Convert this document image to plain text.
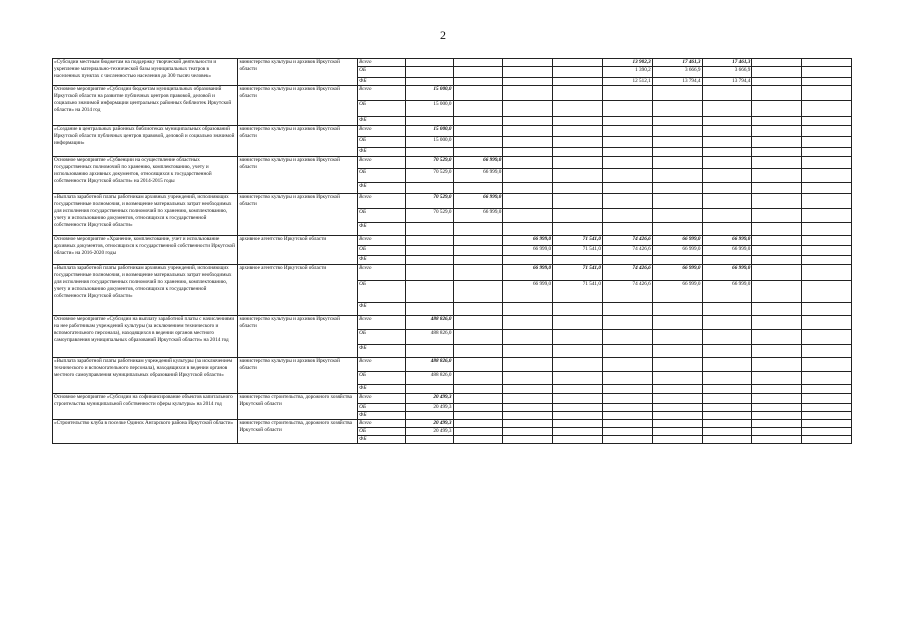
2
«Субсидии местным бюджетам на поддержку творческой деятельности и укрепление материально-технической базы муниципальных театров в населенных пунктах с численностью населения до 300 тысяч человек»	министерство культуры и архивов Иркутской области	Всего					13 902,3	17 461,3	17 461,3		
		ОБ					1 390,2	3 666,9	3 666,9		
		ФБ					12 512,1	13 794,4	13 794,4		
Основное мероприятие «Субсидии бюджетам муниципальных образований Иркутской области на развитие публичных центров правовой, деловой и социально значимой информации центральных районных библиотек Иркутской области» на 2014 год	министерство культуры и архивов Иркутской области	Всего	15 000,0								
		ОБ	15 000,0								
		ФБ									
«Создание в центральных районных библиотеках муниципальных образований Иркутской области публичных центров правовой, деловой и социально значимой информации»	министерство культуры и архивов Иркутской области	Всего	15 000,0								
		ОБ	15 000,0								
		ФБ									
Основное мероприятие «Субвенции на осуществление областных государственных полномочий по хранению, комплектованию, учету и использованию архивных документов, относящихся к государственной собственности Иркутской области» на 2014-2015 годы	министерство культуры и архивов Иркутской области	Всего	70 529,0	66 999,0							
		ОБ	70 529,0	66 999,0							
		ФБ									
«Выплата заработной платы работникам архивных учреждений, исполняющих государственные полномочия, и возмещение материальных затрат необходимых для исполнения государственных полномочий по хранению, комплектованию, учету и использованию документов, относящихся к государственной собственности Иркутской области»	министерство культуры и архивов Иркутской области	Всего	70 529,0	66 999,0							
		ОБ	70 529,0	66 999,0							
		ФБ									
Основное мероприятие «Хранение, комплектование, учет и использование архивных документов, относящихся к государственной собственности Иркутской области» на 2016-2020 годы	архивное агентство Иркутской области	Всего			66 999,0	71 541,0	74 426,6	66 999,0	66 999,0		
		ОБ			66 999,0	71 541,0	74 426,6	66 999,0	66 999,0		
		ФБ									
«Выплата заработной платы работникам архивных учреждений, исполняющих государственные полномочия, и возмещение материальных затрат необходимых для исполнения государственных полномочий по хранению, комплектованию, учету и использованию документов, относящихся к государственной собственности Иркутской области»	архивное агентство Иркутской области	Всего			66 999,0	71 541,0	74 426,6	66 999,0	66 999,0		
		ОБ			66 999,0	71 541,0	74 426,6	66 999,0	66 999,0		
		ФБ									
Основное мероприятие «Субсидии на выплату заработной платы с начислениями на нее работникам учреждений культуры (за исключением технического и вспомогательного персонала), находящихся в ведении органов местного самоуправления муниципальных образований Иркутской области» на 2014 год	министерство культуры и архивов Иркутской области	Всего	488 826,0								
		ОБ	488 826,0								
		ФБ									
«Выплата заработной платы работникам учреждений культуры (за исключением технического и вспомогательного персонала), находящихся в ведении органов местного самоуправления муниципальных образований Иркутской области»	министерство культуры и архивов Иркутской области	Всего	488 826,0								
		ОБ	488 826,0								
		ФБ									
Основное мероприятие «Субсидии на софинансирование объектов капитального строительства муниципальной собственности сферы культуры» на 2014 год	министерство строительства, дорожного хозяйства Иркутской области	Всего	20 499,3								
		ОБ	20 499,3								
		ФБ									
«Строительство клуба в поселке Одинск Ангарского района Иркутской области»	министерство строительства, дорожного хозяйства Иркутской области	Всего	20 499,3								
		ОБ	20 499,3								
		ФБ									
